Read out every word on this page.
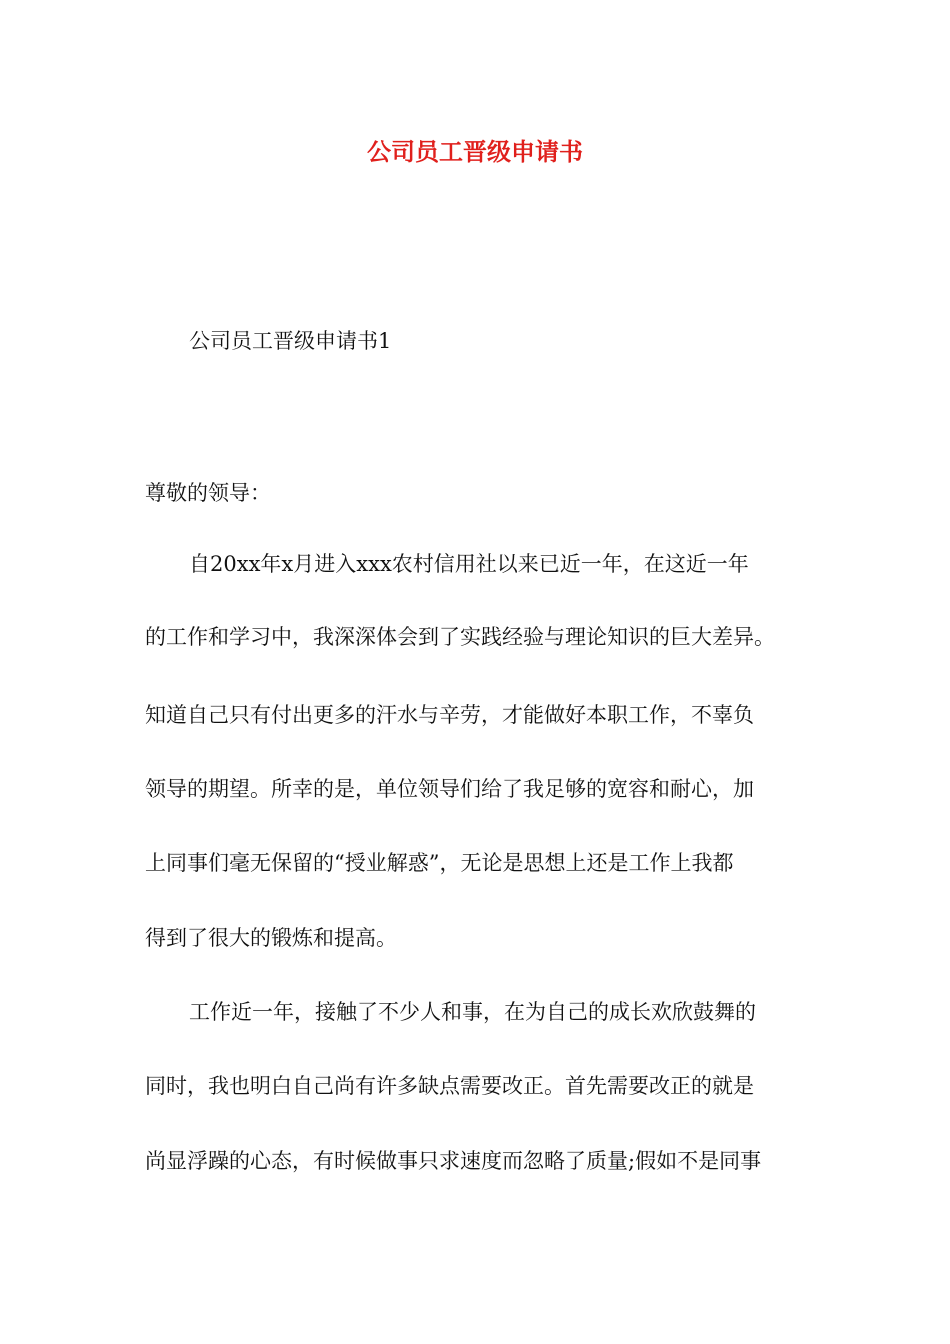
公司员工晋级申请书

公司员工晋级申请书1

尊敬的领导：

自20xx年x月进入xxx农村信用社以来已近一年，在这近一年

的工作和学习中，我深深体会到了实践经验与理论知识的巨大差异。

知道自己只有付出更多的汗水与辛劳，才能做好本职工作，不辜负

领导的期望。所幸的是，单位领导们给了我足够的宽容和耐心，加

上同事们毫无保留的“授业解惑”，无论是思想上还是工作上我都

得到了很大的锻炼和提高。

工作近一年，接触了不少人和事，在为自己的成长欢欣鼓舞的

同时，我也明白自己尚有许多缺点需要改正。首先需要改正的就是

尚显浮躁的心态，有时候做事只求速度而忽略了质量;假如不是同事
